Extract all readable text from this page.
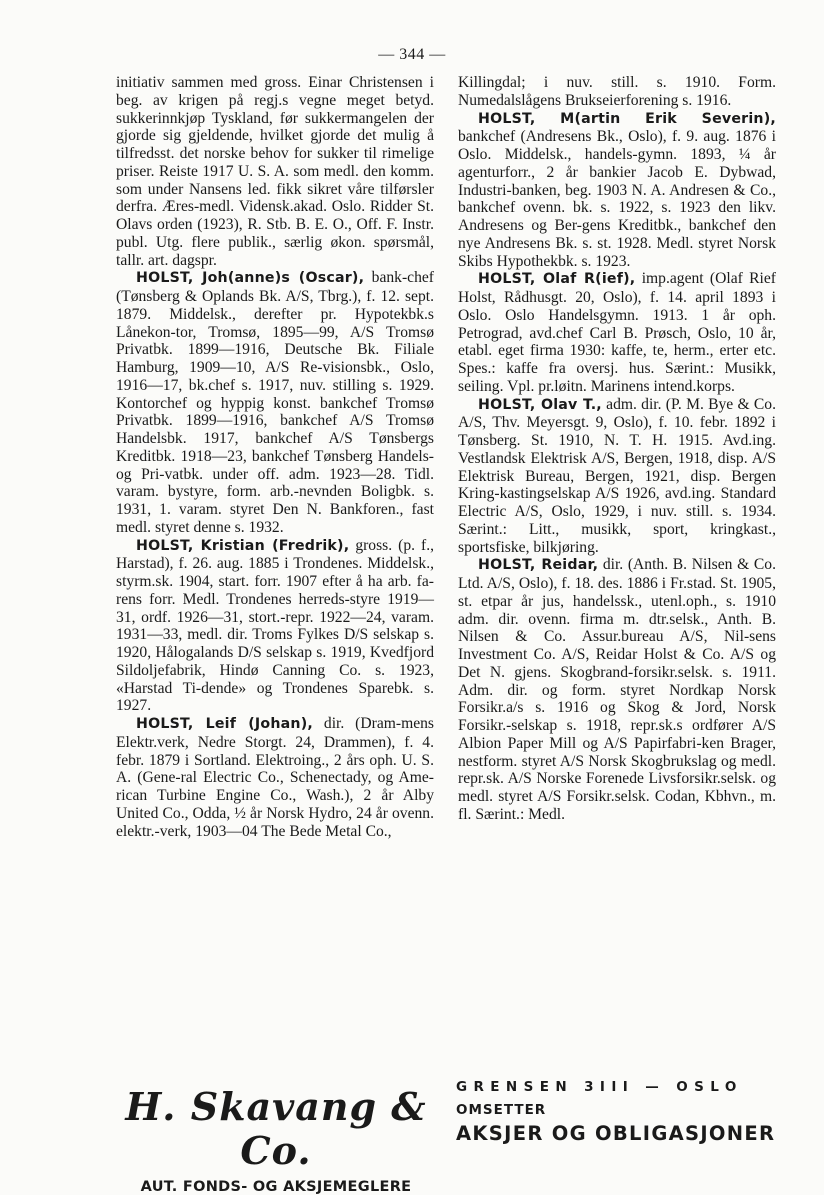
— 344 —

initiativ sammen med gross. Einar Christensen i beg. av krigen på regj.s vegne meget betyd. sukkerinnkjøp Tyskland, før sukkermangelen der gjorde sig gjeldende, hvilket gjorde det mulig å tilfredsst. det norske behov for sukker til rimelige priser. Reiste 1917 U. S. A. som medl. den komm. som under Nansens led. fikk sikret våre tilførsler derfra. Æres-medl. Vidensk.akad. Oslo. Ridder St. Olavs orden (1923), R. Stb. B. E. O., Off. F. Instr. publ. Utg. flere publik., særlig økon. spørsmål, tallr. art. dagspr.

HOLST, Joh(anne)s (Oscar), bank-chef (Tønsberg & Oplands Bk. A/S, Tbrg.), f. 12. sept. 1879. Middelsk., derefter pr. Hypotekbk.s Lånekon-tor, Tromsø, 1895—99, A/S Tromsø Privatbk. 1899—1916, Deutsche Bk. Filiale Hamburg, 1909—10, A/S Re-visionsbk., Oslo, 1916—17, bk.chef s. 1917, nuv. stilling s. 1929. Kontorchef og hyppig konst. bankchef Tromsø Privatbk. 1899—1916, bankchef A/S Tromsø Handelsbk. 1917, bankchef A/S Tønsbergs Kreditbk. 1918—23, bankchef Tønsberg Handels- og Pri-vatbk. under off. adm. 1923—28. Tidl. varam. bystyre, form. arb.-nevnden Boligbk. s. 1931, 1. varam. styret Den N. Bankforen., fast medl. styret denne s. 1932.

HOLST, Kristian (Fredrik), gross. (p. f., Harstad), f. 26. aug. 1885 i Trondenes. Middelsk., styrm.sk. 1904, start. forr. 1907 efter å ha arb. fa-rens forr. Medl. Trondenes herreds-styre 1919—31, ordf. 1926—31, stort.-repr. 1922—24, varam. 1931—33, medl. dir. Troms Fylkes D/S selskap s. 1920, Hålogalands D/S selskap s. 1919, Kvedfjord Sildoljefabrik, Hindø Canning Co. s. 1923, «Harstad Ti-dende» og Trondenes Sparebk. s. 1927.

HOLST, Leif (Johan), dir. (Dram-mens Elektr.verk, Nedre Storgt. 24, Drammen), f. 4. febr. 1879 i Sortland. Elektroing., 2 års oph. U. S. A. (Gene-ral Electric Co., Schenectady, og Ame-rican Turbine Engine Co., Wash.), 2 år Alby United Co., Odda, ½ år Norsk Hydro, 24 år ovenn. elektr.-verk, 1903—04 The Bede Metal Co.,

Killingdal; i nuv. still. s. 1910. Form. Numedalslågens Brukseierforening s. 1916.

HOLST, M(artin Erik Severin), bankchef (Andresens Bk., Oslo), f. 9. aug. 1876 i Oslo. Middelsk., handels-gymn. 1893, ¼ år agenturforr., 2 år bankier Jacob E. Dybwad, Industri-banken, beg. 1903 N. A. Andresen & Co., bankchef ovenn. bk. s. 1922, s. 1923 den likv. Andresens og Ber-gens Kreditbk., bankchef den nye Andresens Bk. s. st. 1928. Medl. styret Norsk Skibs Hypothekbk. s. 1923.

HOLST, Olaf R(ief), imp.agent (Olaf Rief Holst, Rådhusgt. 20, Oslo), f. 14. april 1893 i Oslo. Oslo Handelsgymn. 1913. 1 år oph. Petrograd, avd.chef Carl B. Prøsch, Oslo, 10 år, etabl. eget firma 1930: kaffe, te, herm., erter etc. Spes.: kaffe fra oversj. hus. Særint.: Musikk, seiling. Vpl. pr.løitn. Marinens intend.korps.

HOLST, Olav T., adm. dir. (P. M. Bye & Co. A/S, Thv. Meyersgt. 9, Oslo), f. 10. febr. 1892 i Tønsberg. St. 1910, N. T. H. 1915. Avd.ing. Vestlandsk Elektrisk A/S, Bergen, 1918, disp. A/S Elektrisk Bureau, Bergen, 1921, disp. Bergen Kring-kastingselskap A/S 1926, avd.ing. Standard Electric A/S, Oslo, 1929, i nuv. still. s. 1934. Særint.: Litt., musikk, sport, kringkast., sportsfiske, bilkjøring.

HOLST, Reidar, dir. (Anth. B. Nilsen & Co. Ltd. A/S, Oslo), f. 18. des. 1886 i Fr.stad. St. 1905, st. etpar år jus, handelssk., utenl.oph., s. 1910 adm. dir. ovenn. firma m. dtr.selsk., Anth. B. Nilsen & Co. Assur.bureau A/S, Nil-sens Investment Co. A/S, Reidar Holst & Co. A/S og Det N. gjens. Skogbrand-forsikr.selsk. s. 1911. Adm. dir. og form. styret Nordkap Norsk Forsikr.a/s s. 1916 og Skog & Jord, Norsk Forsikr.-selskap s. 1918, repr.sk.s ordfører A/S Albion Paper Mill og A/S Papirfabri-ken Brager, nestform. styret A/S Norsk Skogbrukslag og medl. repr.sk. A/S Norske Forenede Livsforsikr.selsk. og medl. styret A/S Forsikr.selsk. Codan, Kbhvn., m. fl. Særint.: Medl.

H. Skavang & Co.
AUT. FONDS- OG AKSJEMEGLERE
GRENSEN 3III — OSLO
OMSETTER
AKSJER OG OBLIGASJONER
